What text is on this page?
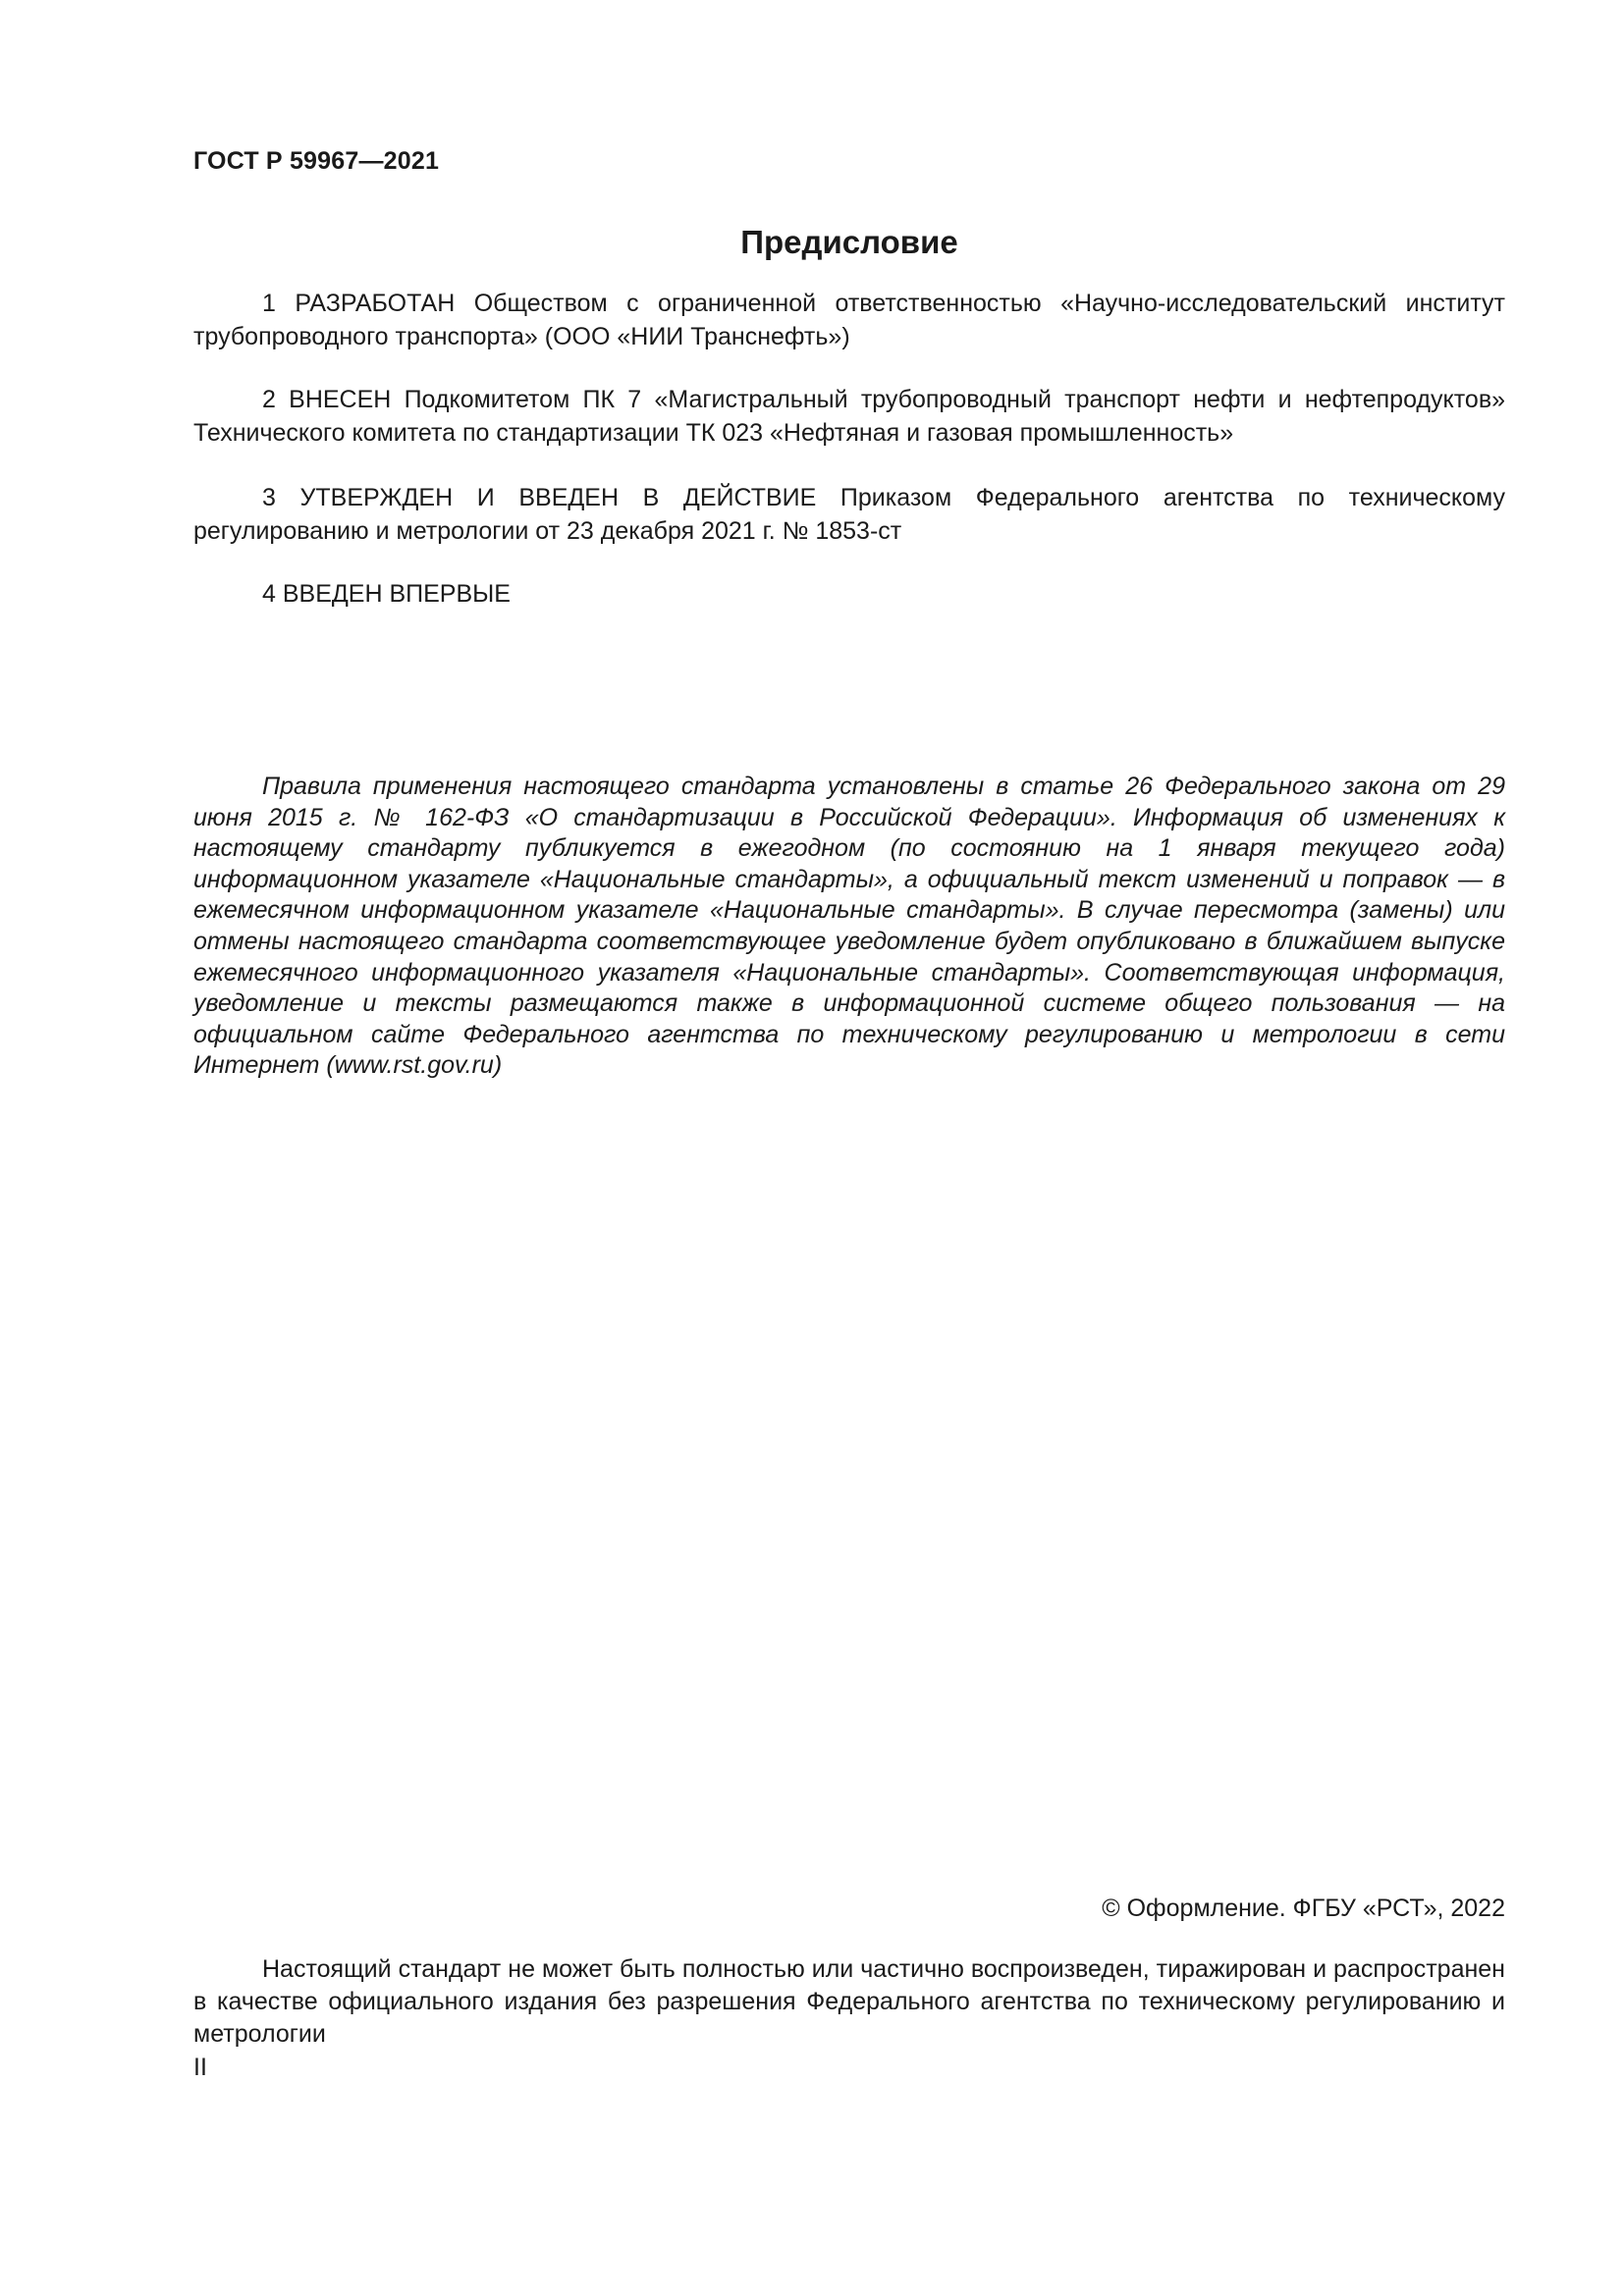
ГОСТ Р 59967—2021
Предисловие

1 РАЗРАБОТАН Обществом с ограниченной ответственностью «Научно-исследовательский институт трубопроводного транспорта» (ООО «НИИ Транснефть»)

2 ВНЕСЕН Подкомитетом ПК 7 «Магистральный трубопроводный транспорт нефти и нефтепродуктов» Технического комитета по стандартизации ТК 023 «Нефтяная и газовая промышленность»

3 УТВЕРЖДЕН И ВВЕДЕН В ДЕЙСТВИЕ Приказом Федерального агентства по техническому регулированию и метрологии от 23 декабря 2021 г. № 1853-ст

4 ВВЕДЕН ВПЕРВЫЕ

Правила применения настоящего стандарта установлены в статье 26 Федерального закона от 29 июня 2015 г. № 162-ФЗ «О стандартизации в Российской Федерации». Информация об изменениях к настоящему стандарту публикуется в ежегодном (по состоянию на 1 января текущего года) информационном указателе «Национальные стандарты», а официальный текст изменений и поправок — в ежемесячном информационном указателе «Национальные стандарты». В случае пересмотра (замены) или отмены настоящего стандарта соответствующее уведомление будет опубликовано в ближайшем выпуске ежемесячного информационного указателя «Национальные стандарты». Соответствующая информация, уведомление и тексты размещаются также в информационной системе общего пользования — на официальном сайте Федерального агентства по техническому регулированию и метрологии в сети Интернет (www.rst.gov.ru)

© Оформление. ФГБУ «РСТ», 2022

Настоящий стандарт не может быть полностью или частично воспроизведен, тиражирован и распространен в качестве официального издания без разрешения Федерального агентства по техническому регулированию и метрологии

II
